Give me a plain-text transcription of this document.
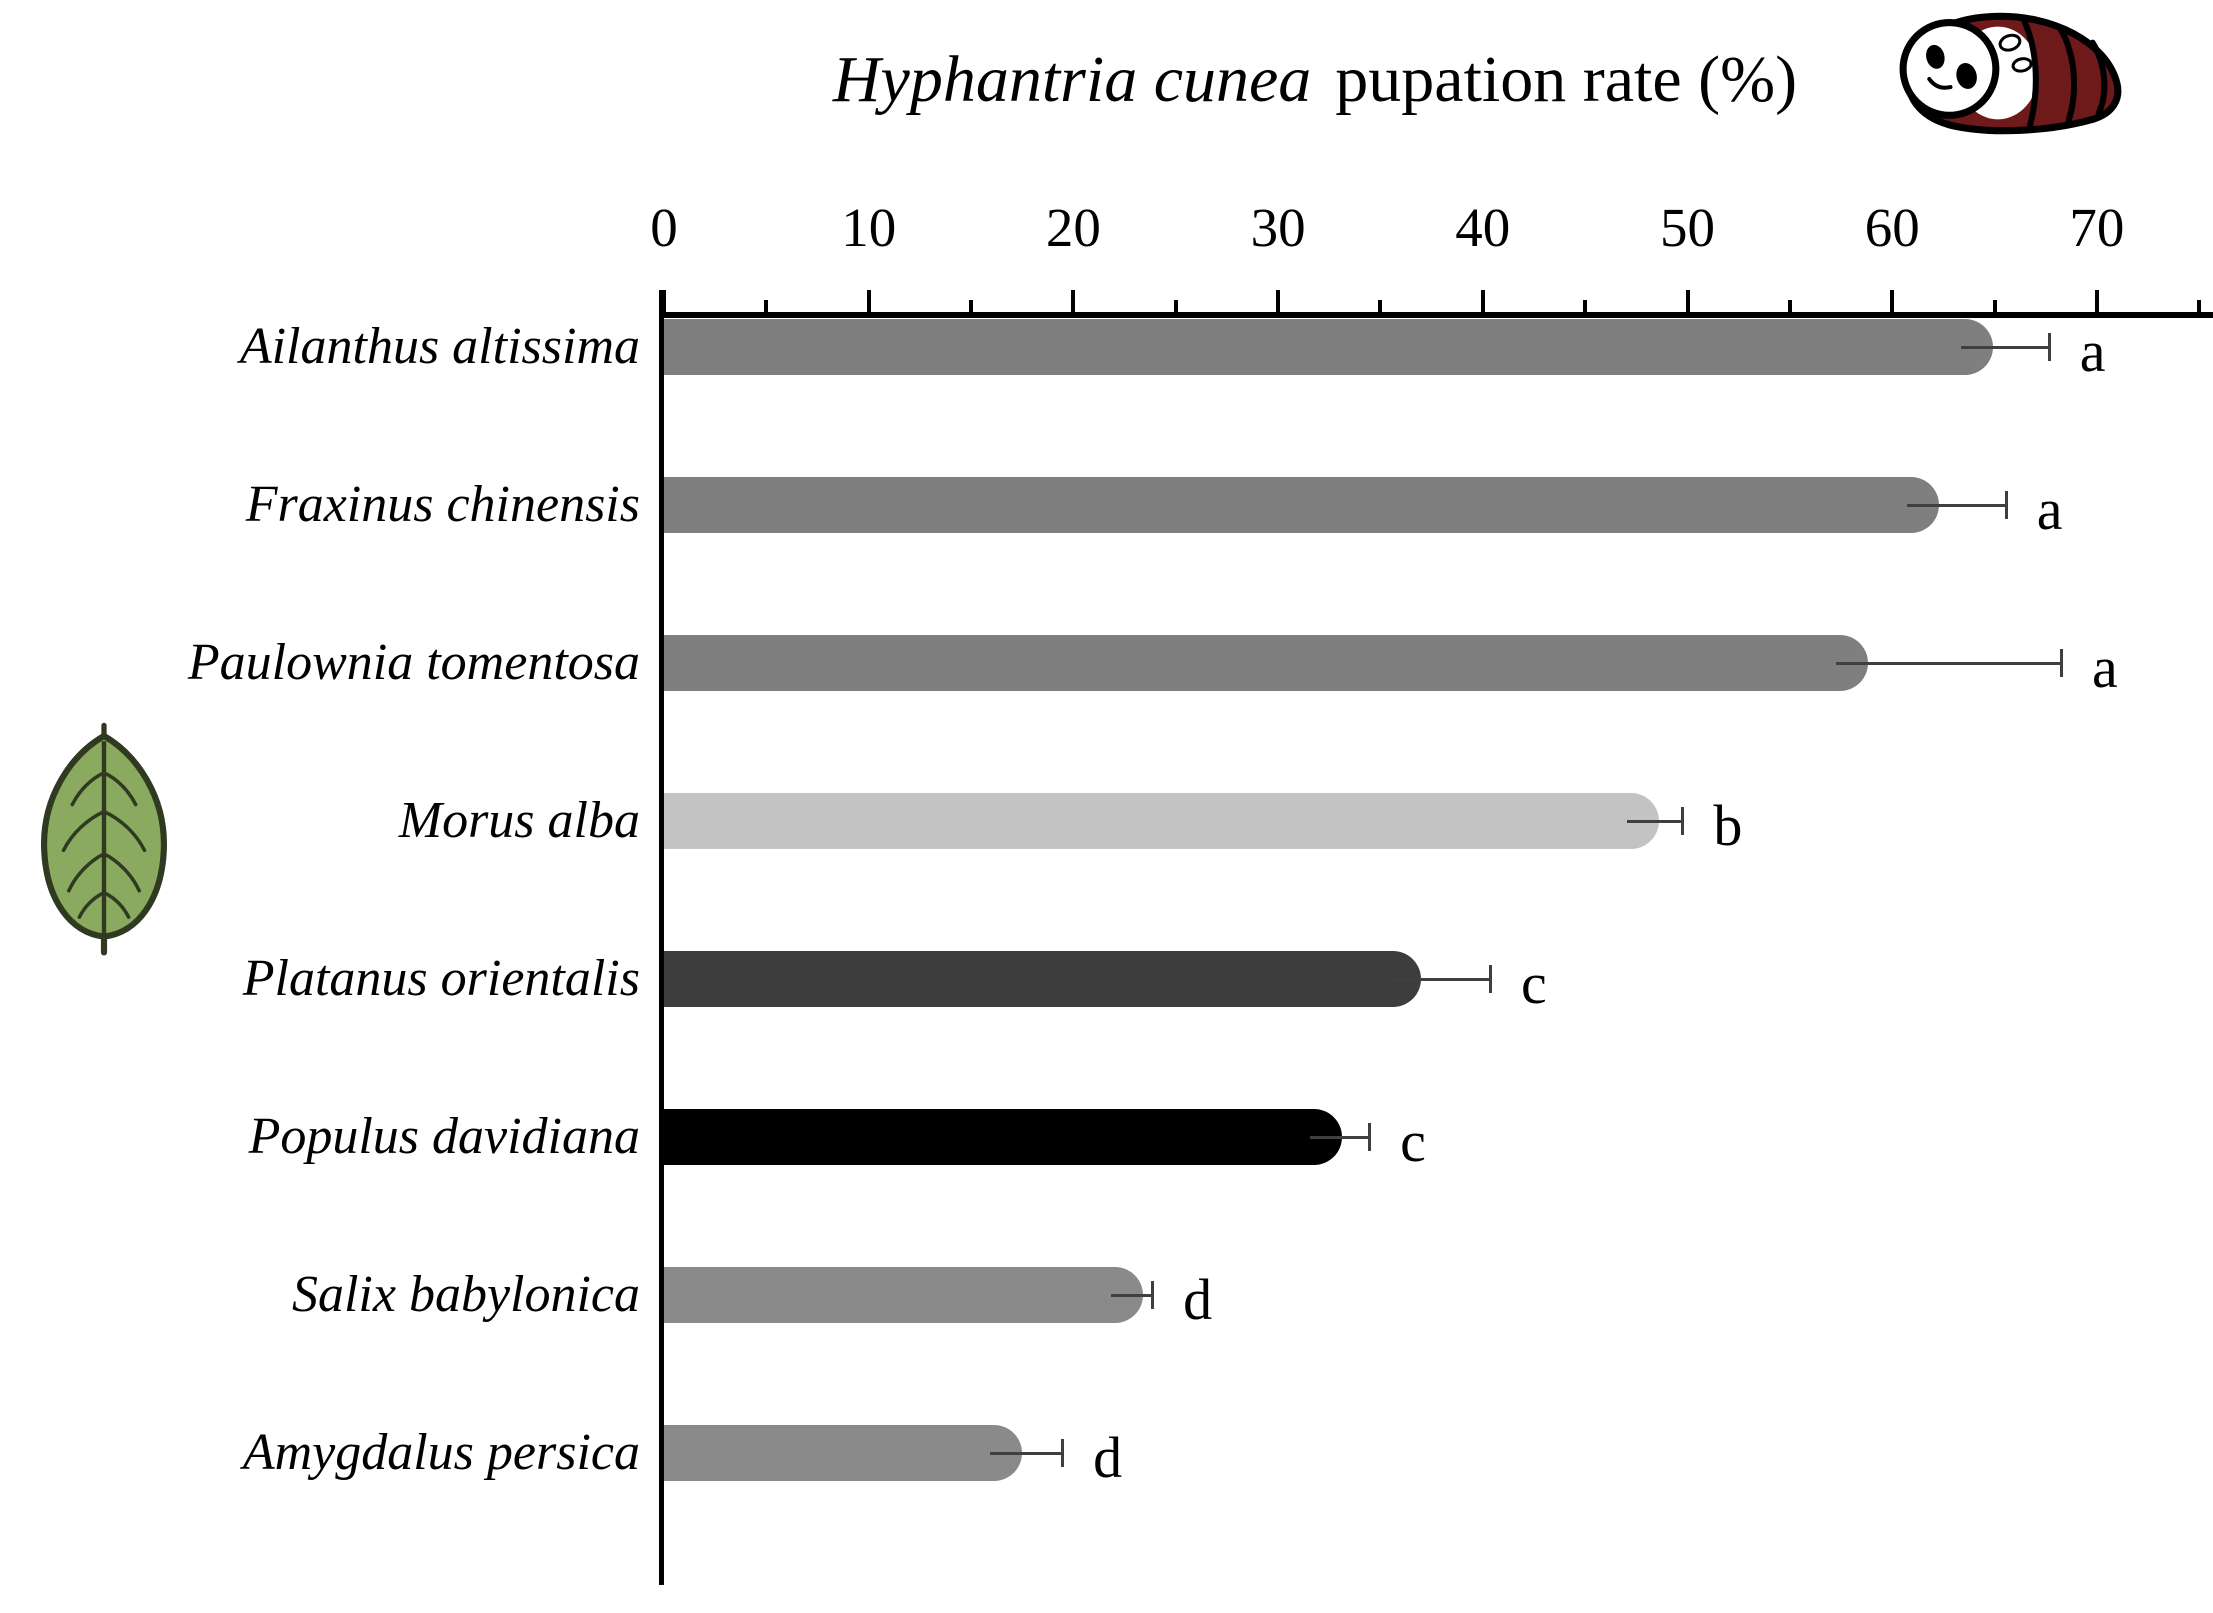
Hyphantria cunea pupation rate (%)
0	10	20	30	40	50	60	70
Ailanthus altissima	a
Fraxinus chinensis	a
Paulownia tomentosa	a
Morus alba	b
Platanus orientalis	c
Populus davidiana	c
Salix babylonica	d
Amygdalus persica	d
